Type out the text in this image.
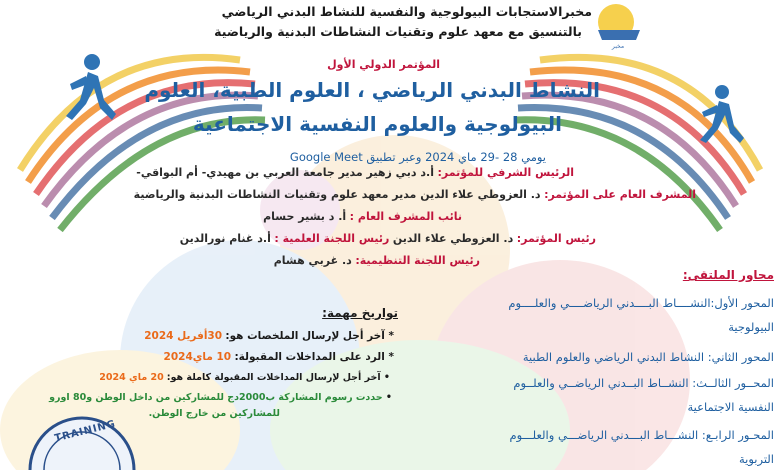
مخبر
مخبرالاستجابات البيولوجية والنفسية للنشاط البدني الرياضي
بالتنسيق مع معهد علوم وتقنيات النشاطات البدنية والرياضية
المؤتمر الدولي الأول
النشاط البدني الرياضي ، العلوم الطبية، العلوم
البيولوجية والعلوم النفسية الاجتماعية
يومي 28 -29 ماي 2024 وعبر تطبيق Google Meet
الرئيس الشرفي للمؤتمر: أ.د دبي زهير مدير جامعة العربي بن مهيدي- أم البواقي-
المشرف العام على المؤتمر: د. العزوطي علاء الدين مدير معهد علوم وتقنيات النشاطات البدنية والرياضية
نائب المشرف العام : أ. د بشير حسام
رئيس المؤتمر: د. العزوطي علاء الدين رئيس اللجنة العلمية : أ.د غنام نورالدين
رئيس اللجنة التنظيمية: د. غربي هشام
تواريخ مهمة:
* آخر أجل لإرسال الملخصات هو: 30أفريل 2024
* الرد على المداخلات المقبولة: 10 ماي2024
• آخر أجل لإرسال المداخلات المقبولة كاملة هو: 20 ماي 2024
• حددت رسوم المشاركة ب2000دج للمشاركين من داخل الوطن و80 اورو
للمشاركين من خارج الوطن.
محاور الملتقى:
المحور الأول:النشــــاط البــــدني الرياضــــي والعلــــوم
البيولوجية
المحور الثاني: النشاط البدني الرياضي والعلوم الطبية
المحــور الثالــث: النشــاط البــدني الرياضــي والعلــوم
النفسية الاجتماعية
المحـور الرابـع: النشـــاط البـــدني الرياضـــي والعلـــوم
التربوية
TRAINING
